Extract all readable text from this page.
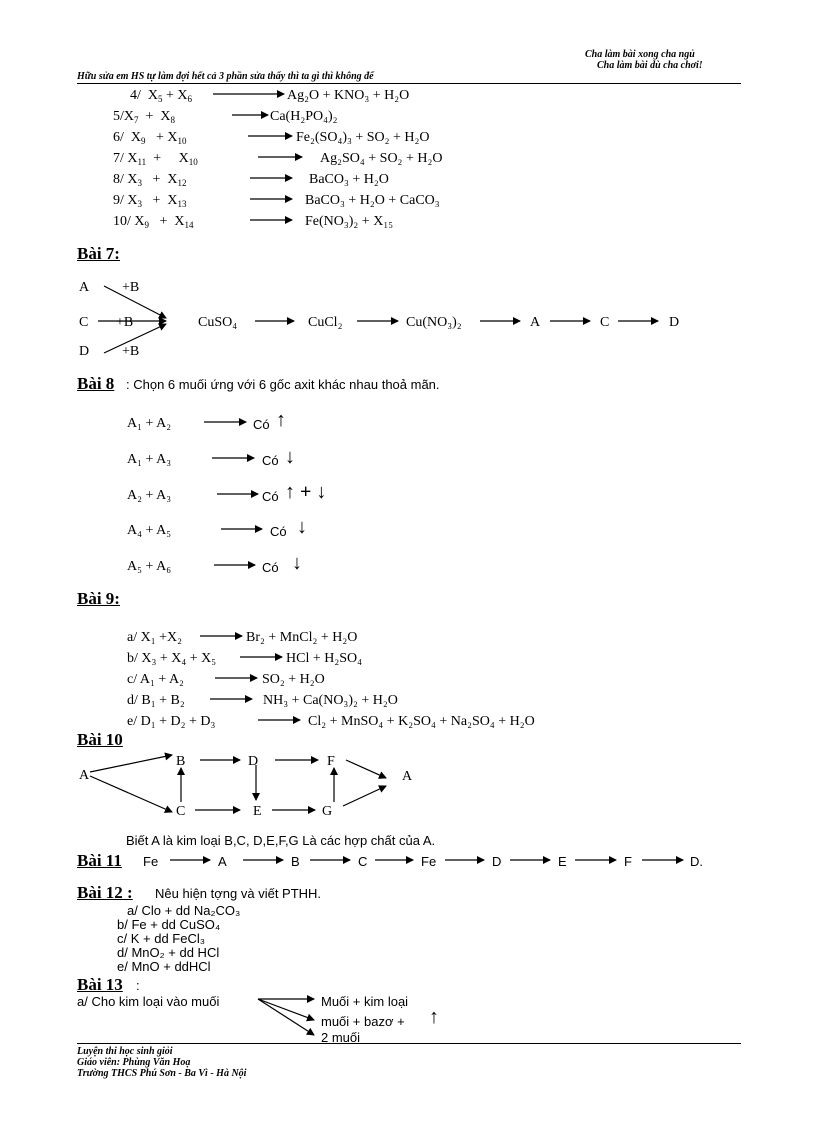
Cha làm bài xong cha ngủ
Cha làm bài dù cha chơi!
Hữu sửa em HS tự làm đợi hết cả 3 phần sửa thấy thì ta gì thì không để
4/  $X_5 + X_6$	Ag₂O + KNO₃ + H₂O
$5/X_7 + X_8$	Ca(H₂PO₄)₂
6/  $X_9 + X_{10}$	Fe₂(SO₄)₃ + SO₂ + H₂O
7/ $X_{11}$  +     $X_{10}$	Ag₂SO₄ + SO₂ + H₂O
8/ $X_3 + X_{12}$	BaCO₃ + H₂O
9/ $X_3 + X_{13}$	BaCO₃ + H₂O + CaCO₃
10/ $X_9 + X_{14}$	Fe(NO₃)₂ + X₁₅
Bài 7:
A +B
C +B
D +B
CuSO₄	CuCl₂	Cu(NO₃)₂	A	C	D
Bài 8 : Chọn 6 muối ứng với 6 gốc axit khác nhau thoả mãn.
A₁ + A₂	Có ↑
A₁ + A₃	Có ↓
A₂ + A₃	Có ↑ + ↓
A₄ + A₅	Có ↓
A₅ + A₆	Có ↓
Bài 9:
a/ X₁ +X₂	Br₂ + MnCl₂ + H₂O
b/ X₃ + X₄ + X₅	HCl + H₂SO₄
c/ A₁ + A₂	SO₂ + H₂O
d/ B₁ + B₂	NH₃ + Ca(NO₃)₂ + H₂O
e/ D₁ + D₂ + D₃	Cl₂ + MnSO₄ + K₂SO₄ + Na₂SO₄ + H₂O
Bài 10
A
B	D	F
A
C	E	G
Biết A là kim loại B,C, D,E,F,G Là các hợp chất của A.
Bài 11 Fe	A	B	C	Fe	D	E	F	D.
Bài 12 : Nêu hiện tợng và viết PTHH.
a/ Clo + dd Na₂CO₃
b/ Fe + dd CuSO₄
c/ K + dd FeCl₃
d/ MnO₂ + dd HCl
e/ MnO + ddHCl
Bài 13 :
a/ Cho kim loại vào muối	Muối + kim loại
muối + bazơ + ↑
2 muối
Luyện thi học sinh giỏi
Giáo viên: Phùng Văn Hoạ
Trường THCS Phú Sơn - Ba Vì - Hà Nội
